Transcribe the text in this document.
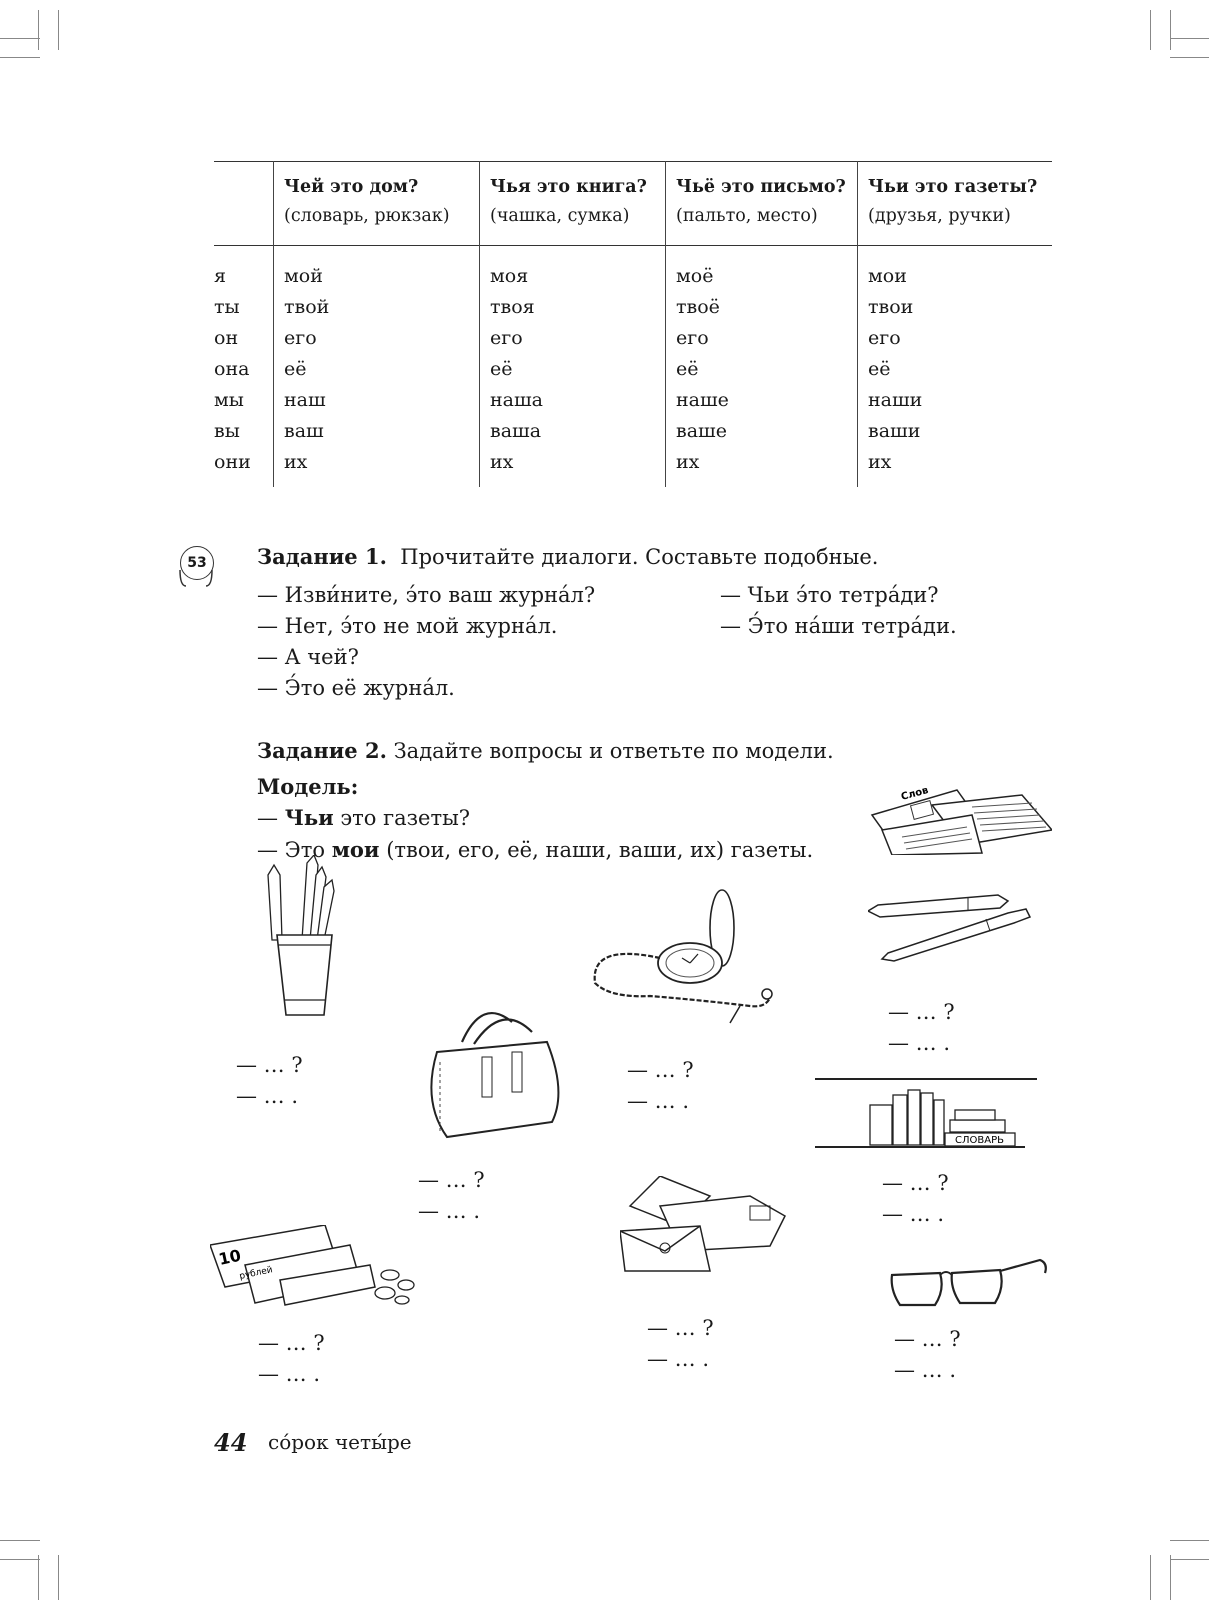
Чей это дом?
(словарь, рюкзак)
Чья это книга?
(чашка, сумка)
Чьё это письмо?
(пальто, место)
Чьи это газеты?
(друзья, ручки)
я
ты
он
она
мы
вы
они
мой
твой
его
её
наш
ваш
их
моя
твоя
его
её
наша
ваша
их
моё
твоё
его
её
наше
ваше
их
мои
твои
его
её
наши
ваши
их
53 Задание 1. Прочитайте диалоги. Составьте подобные.
— Изви́ните, э́то ваш журна́л?
— Нет, э́то не мой журна́л.
— А чей?
— Э́то её журна́л.
— Чьи э́то тетра́ди?
— Э́то на́ши тетра́ди.
Задание 2. Задайте вопросы и ответьте по модели.
Модель:
— Чьи это газеты?
— Это мои (твои, его, её, наши, ваши, их) газеты.
Слов
СЛОВАРЬ
10
рублей
— … ?
— … .
— … ?
— … .
— … ?
— … .
— … ?
— … .
— … ?
— … .
— … ?
— … .
— … ?
— … .
— … ?
— … .
44 со́рок четы́ре
